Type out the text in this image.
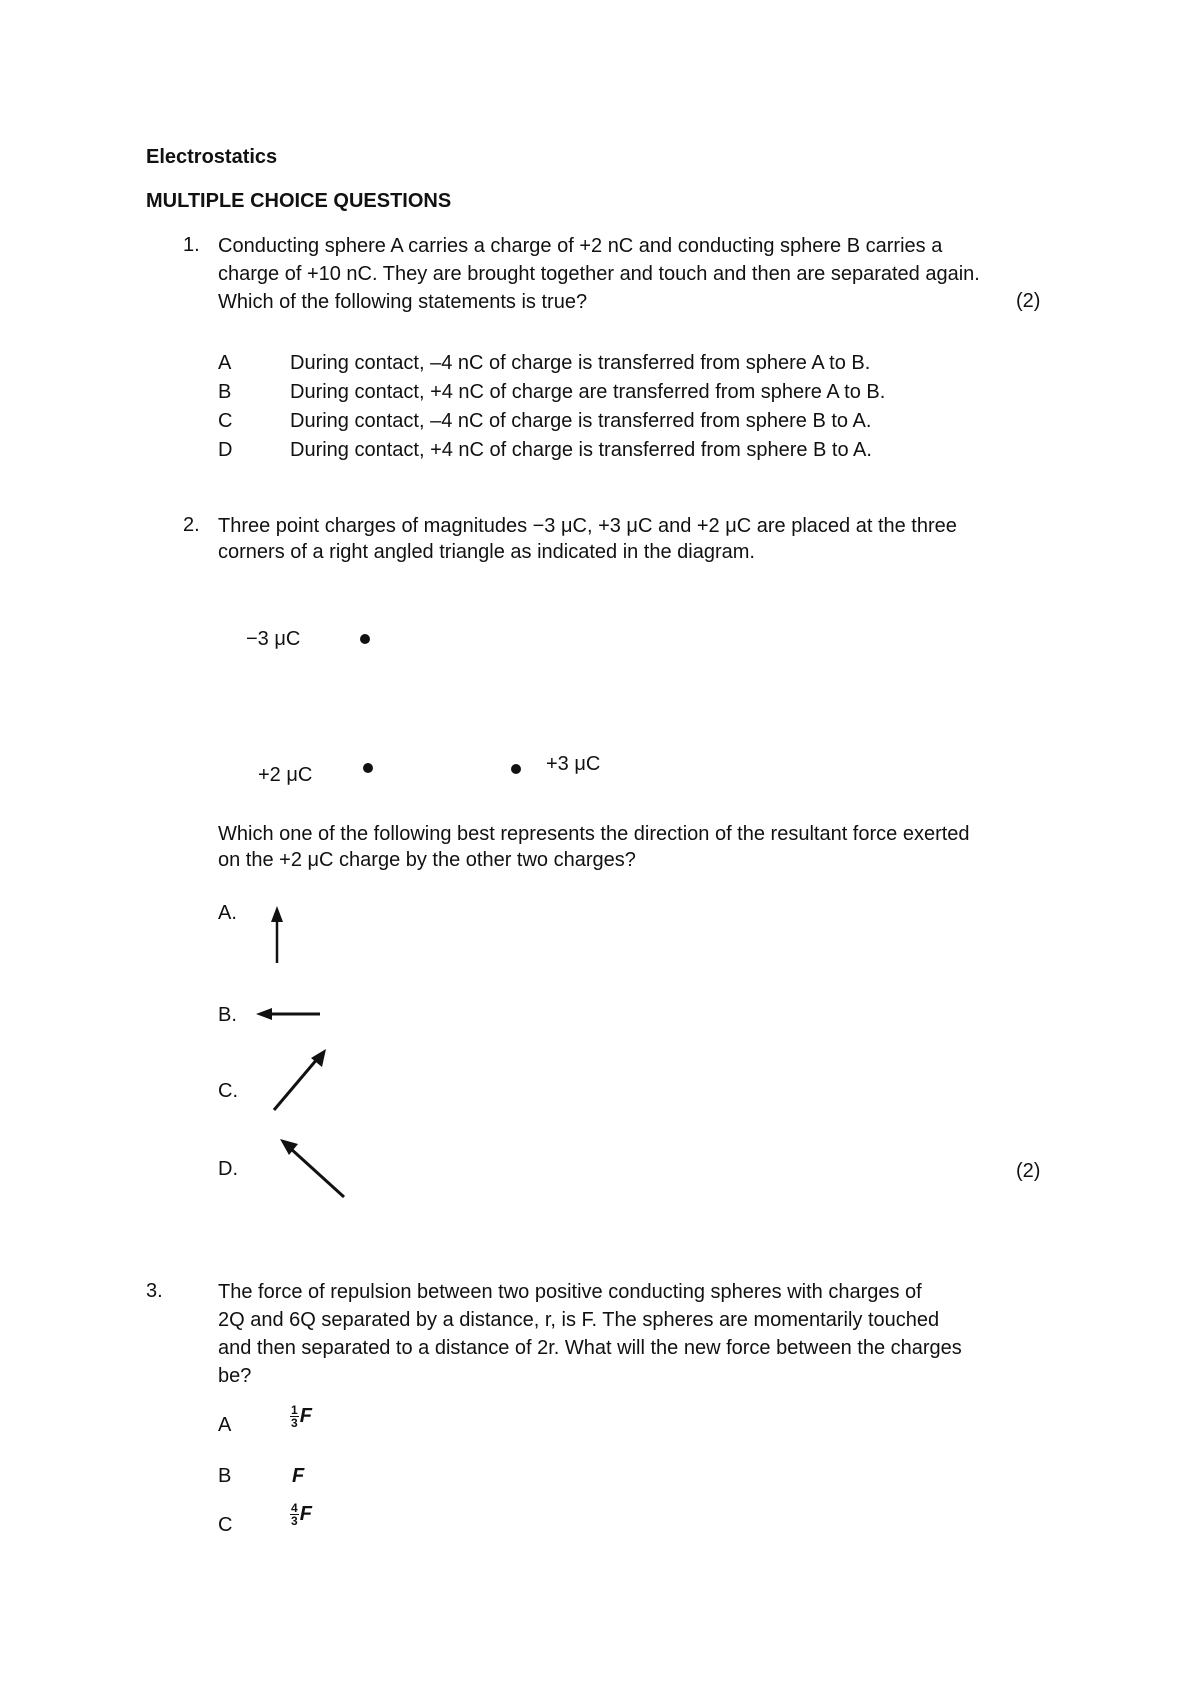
Electrostatics
MULTIPLE CHOICE QUESTIONS
1. Conducting sphere A carries a charge of +2 nC and conducting sphere B carries a
charge of +10 nC. They are brought together and touch and then are separated again.
Which of the following statements is true?	(2)
A	During contact, –4 nC of charge is transferred from sphere A to B.
B	During contact, +4 nC of charge are transferred from sphere A to B.
C	During contact, –4 nC of charge is transferred from sphere B to A.
D	During contact, +4 nC of charge is transferred from sphere B to A.
2. Three point charges of magnitudes −3 μC, +3 μC and +2 μC are placed at the three
corners of a right angled triangle as indicated in the diagram.
−3 μC
+2 μC	+3 μC
Which one of the following best represents the direction of the resultant force exerted
on the +2 μC charge by the other two charges?
A.
B.
C.
D.	(2)
3.	The force of repulsion between two positive conducting spheres with charges of
2Q and 6Q separated by a distance, r, is F. The spheres are momentarily touched
and then separated to a distance of 2r. What will the new force between the charges
be?
A	$\frac{1}{3}$ F
B	F
C	$\frac{4}{3}$ F
